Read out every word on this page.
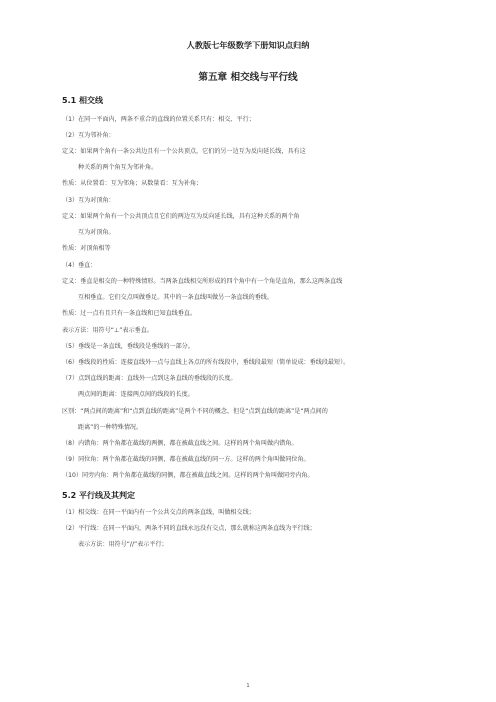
人教版七年级数学下册知识点归纳
第五章 相交线与平行线
5.1 相交线
（1）在同一平面内，两条不重合的直线的位置关系只有：相交、平行；
（2）互为邻补角：
定义：如果两个角有一条公共边且有一个公共顶点，它们的另一边互为反向延长线，具有这
种关系的两个角互为邻补角。
性质：从位置看：互为邻角；从数量看：互为补角；
（3）互为对顶角：
定义：如果两个角有一个公共顶点且它们的两边互为反向延长线，具有这种关系的两个角
互为对顶角。
性质：对顶角相等
（4）垂直：
定义：垂直是相交的一种特殊情形。当两条直线相交所形成的四个角中有一个角是直角，那么这两条直线
互相垂直。它们交点叫做垂足。其中的一条直线叫做另一条直线的垂线。
性质：过一点有且只有一条直线和已知直线垂直。
表示方法：用符号“⊥”表示垂直。
（5）垂线是一条直线，垂线段是垂线的一部分。
（6）垂线段的性质：连接直线外一点与直线上各点的所有线段中，垂线段最短（简单说成：垂线段最短）。
（7）点到直线的距离：直线外一点到这条直线的垂线段的长度。
两点间的距离：连接两点间的线段的长度。
区别：“两点间的距离”和“点到直线的距离”是两个不同的概念，但是“点到直线的距离”是“两点间的
距离”的一种特殊情况。
（8）内错角：两个角都在截线的两侧，都在被截直线之间。这样的两个角叫做内错角。
（9）同位角：两个角都在截线的同侧，都在被截直线的同一方。这样的两个角叫做同位角。
（10）同旁内角：两个角都在截线的同侧，都在被截直线之间。这样的两个角叫做同旁内角。
5.2 平行线及其判定
（1）相交线：在同一平面内有一个公共交点的两条直线，叫做相交线；
（2）平行线：在同一平面内，两条不同的直线永远没有交点，那么就称这两条直线为平行线；
表示方法：用符号“//”表示平行；
1
